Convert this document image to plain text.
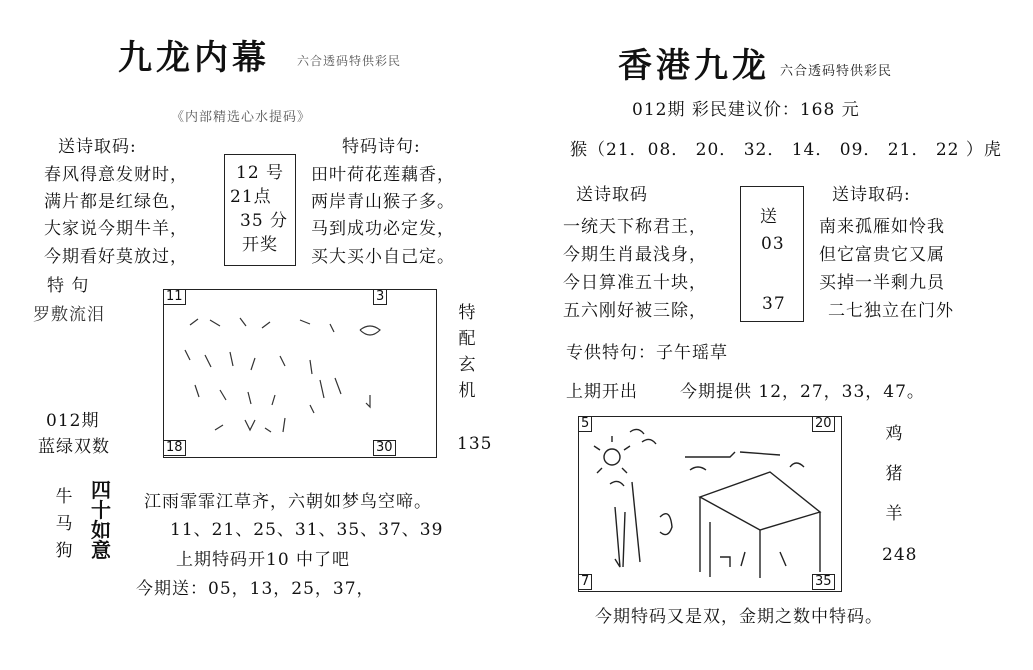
九龙内幕 六合透码特供彩民
《内部精选心水提码》
送诗取码:
春风得意发财时，
满片都是红绿色，
大家说今期牛羊，
今期看好莫放过，
12 号
21点
35 分
开奖
特码诗句:
田叶荷花莲藕香，
两岸青山猴子多。
马到成功必定发，
买大买小自己定。
特 句
罗敷流泪
11	3
18	30
特
配
玄
机
135
012期
蓝绿双数
牛
马
狗
四
十
如
意
江雨霏霏江草齐，六朝如梦鸟空啼。
11、21、25、31、35、37、39
上期特码开10 中了吧
今期送：05，13，25，37，
香港九龙 六合透码特供彩民
012期 彩民建议价：168 元
猴（21．08． 20． 32． 14． 09． 21． 22 ）虎
送诗取码	送诗取码:
一统天下称君王，
今期生肖最浅身，
今日算准五十块，
五六刚好被三除，
送
03
37
南来孤雁如怜我
但它富贵它又属
买掉一半剩九员
二七独立在门外
专供特句：子午瑶草
上期开出 今期提供 12，27，33，47。
5	20
7	35
鸡
猪
羊
248
今期特码又是双，金期之数中特码。
